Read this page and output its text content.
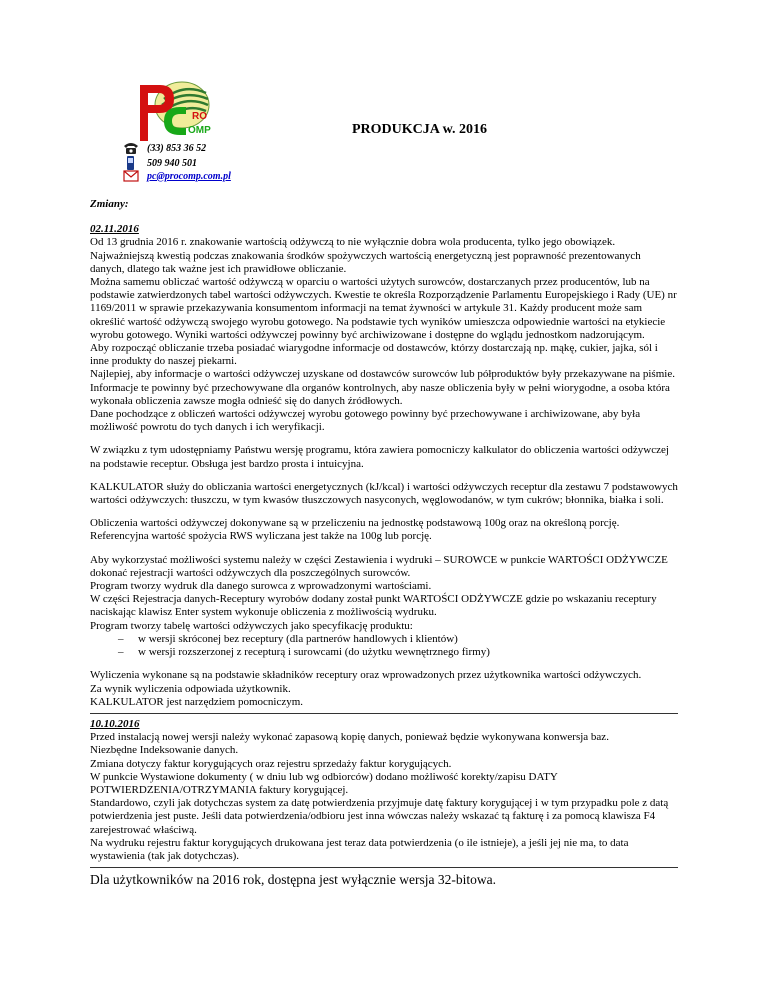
RO
OMP	PRODUKCJA w. 2016
(33) 853 36 52
509 940 501
pc@procomp.com.pl

Zmiany:

02.11.2016

Od 13 grudnia 2016 r. znakowanie wartością odżywczą to nie wyłącznie dobra wola producenta, tylko jego obowiązek.

Najważniejszą kwestią podczas znakowania środków spożywczych wartością energetyczną jest poprawność prezentowanych danych, dlatego tak ważne jest ich prawidłowe obliczanie.

Można samemu obliczać wartość odżywczą w oparciu o wartości użytych surowców, dostarczanych przez producentów, lub na podstawie zatwierdzonych tabel wartości odżywczych. Kwestie te określa Rozporządzenie Parlamentu Europejskiego i Rady (UE) nr 1169/2011 w sprawie przekazywania konsumentom informacji na temat żywności w artykule 31. Każdy producent może sam określić wartość odżywczą swojego wyrobu gotowego. Na podstawie tych wyników umieszcza odpowiednie wartości na etykiecie wyrobu gotowego. Wyniki wartości odżywczej powinny być archiwizowane i dostępne do wglądu jednostkom nadzorującym.

Aby rozpocząć obliczanie trzeba posiadać wiarygodne informacje od dostawców, którzy dostarczają np. mąkę, cukier, jajka, sól i inne produkty do naszej piekarni.

Najlepiej, aby informacje o wartości odżywczej uzyskane od dostawców surowców lub półproduktów były przekazywane na piśmie. Informacje te powinny być przechowywane dla organów kontrolnych, aby nasze obliczenia były w pełni wiorygodne, a osoba która wykonała obliczenia zawsze mogła odnieść się do danych źródłowych.

Dane pochodzące z obliczeń wartości odżywczej wyrobu gotowego powinny być przechowywane i archiwizowane, aby była możliwość powrotu do tych danych i ich weryfikacji.

W związku z tym udostępniamy Państwu wersję programu, która zawiera pomocniczy kalkulator do obliczenia wartości odżywczej na podstawie receptur. Obsługa jest bardzo prosta i intuicyjna.

KALKULATOR służy do obliczania wartości energetycznych (kJ/kcal) i wartości odżywczych receptur dla zestawu 7 podstawowych wartości odżywczych: tłuszczu, w tym kwasów tłuszczowych nasyconych, węglowodanów, w tym cukrów; błonnika, białka i soli.

Obliczenia wartości odżywczej dokonywane są w przeliczeniu na jednostkę podstawową 100g oraz na określoną porcję. Referencyjna wartość spożycia RWS wyliczana jest także na 100g lub porcję.

Aby wykorzystać możliwości systemu należy w części Zestawienia i wydruki – SUROWCE w punkcie WARTOŚCI ODŻYWCZE dokonać rejestracji wartości odżywczych dla poszczególnych surowców.

Program tworzy wydruk dla danego surowca z wprowadzonymi wartościami.

W części Rejestracja danych-Receptury wyrobów dodany został punkt WARTOŚCI ODŻYWCZE gdzie po wskazaniu receptury naciskając klawisz Enter system wykonuje obliczenia z możliwością wydruku.

Program tworzy tabelę wartości odżywczych jako specyfikację produktu:

– w wersji skróconej bez receptury (dla partnerów handlowych i klientów)
– w wersji rozszerzonej z recepturą i surowcami (do użytku wewnętrznego firmy)

Wyliczenia wykonane są na podstawie składników receptury oraz wprowadzonych przez użytkownika wartości odżywczych.

Za wynik wyliczenia odpowiada użytkownik.

KALKULATOR jest narzędziem pomocniczym.

10.10.2016

Przed instalacją nowej wersji należy wykonać zapasową kopię danych, ponieważ będzie wykonywana konwersja baz.

Niezbędne Indeksowanie danych.

Zmiana dotyczy faktur korygujących oraz rejestru sprzedaży faktur korygujących.

W punkcie Wystawione dokumenty ( w dniu lub wg odbiorców) dodano możliwość korekty/zapisu DATY POTWIERDZENIA/OTRZYMANIA faktury korygującej.

Standardowo, czyli jak dotychczas system za datę potwierdzenia przyjmuje datę faktury korygującej i w tym przypadku pole z datą potwierdzenia jest puste. Jeśli data potwierdzenia/odbioru jest inna wówczas należy wskazać tą fakturę i za pomocą klawisza F4 zarejestrować właściwą.

Na wydruku rejestru faktur korygujących drukowana jest teraz data potwierdzenia (o ile istnieje), a jeśli jej nie ma, to data wystawienia (tak jak dotychczas).

Dla użytkowników na 2016 rok, dostępna jest wyłącznie wersja 32-bitowa.
